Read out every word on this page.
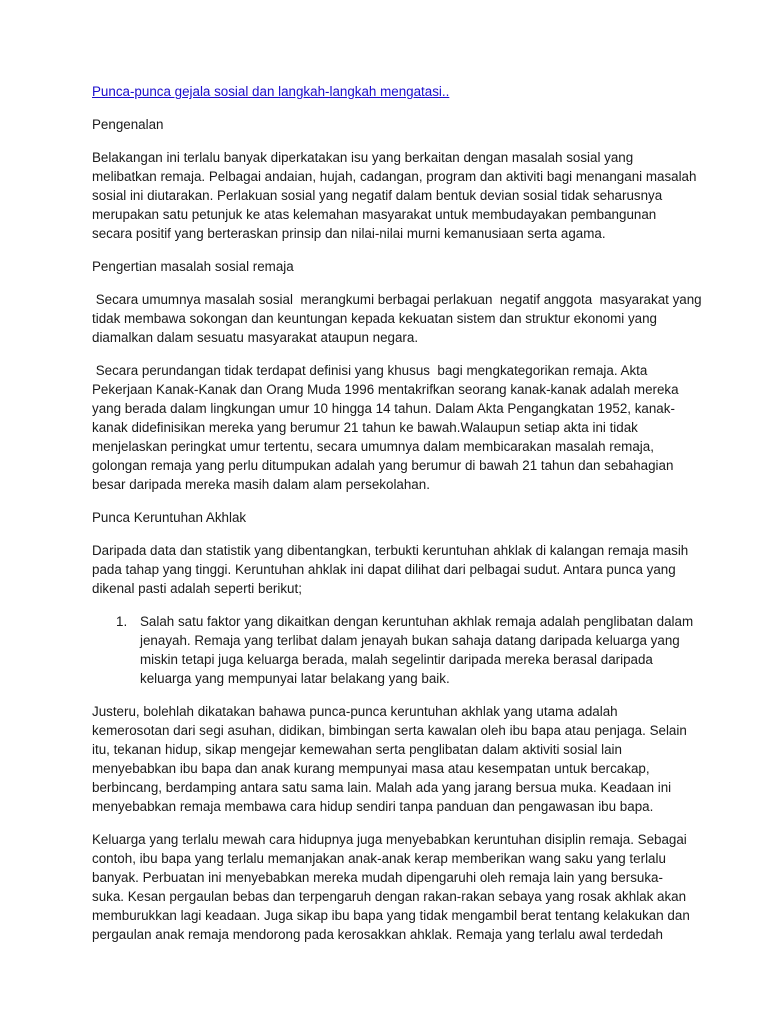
Punca-punca gejala sosial dan langkah-langkah mengatasi..
Pengenalan
Belakangan ini terlalu banyak diperkatakan isu yang berkaitan dengan masalah sosial yang
melibatkan remaja. Pelbagai andaian, hujah, cadangan, program dan aktiviti bagi menangani masalah
sosial ini diutarakan. Perlakuan sosial yang negatif dalam bentuk devian sosial tidak seharusnya
merupakan satu petunjuk ke atas kelemahan masyarakat untuk membudayakan pembangunan
secara positif yang berteraskan prinsip dan nilai-nilai murni kemanusiaan serta agama.
Pengertian masalah sosial remaja
Secara umumnya masalah sosial  merangkumi berbagai perlakuan  negatif anggota  masyarakat yang
tidak membawa sokongan dan keuntungan kepada kekuatan sistem dan struktur ekonomi yang
diamalkan dalam sesuatu masyarakat ataupun negara.
Secara perundangan tidak terdapat definisi yang khusus  bagi mengkategorikan remaja. Akta
Pekerjaan Kanak-Kanak dan Orang Muda 1996 mentakrifkan seorang kanak-kanak adalah mereka
yang berada dalam lingkungan umur 10 hingga 14 tahun. Dalam Akta Pengangkatan 1952, kanak-
kanak didefinisikan mereka yang berumur 21 tahun ke bawah.Walaupun setiap akta ini tidak
menjelaskan peringkat umur tertentu, secara umumnya dalam membicarakan masalah remaja,
golongan remaja yang perlu ditumpukan adalah yang berumur di bawah 21 tahun dan sebahagian
besar daripada mereka masih dalam alam persekolahan.
Punca Keruntuhan Akhlak
Daripada data dan statistik yang dibentangkan, terbukti keruntuhan ahklak di kalangan remaja masih
pada tahap yang tinggi. Keruntuhan ahklak ini dapat dilihat dari pelbagai sudut. Antara punca yang
dikenal pasti adalah seperti berikut;
1. Salah satu faktor yang dikaitkan dengan keruntuhan akhlak remaja adalah penglibatan dalam
jenayah. Remaja yang terlibat dalam jenayah bukan sahaja datang daripada keluarga yang
miskin tetapi juga keluarga berada, malah segelintir daripada mereka berasal daripada
keluarga yang mempunyai latar belakang yang baik.
Justeru, bolehlah dikatakan bahawa punca-punca keruntuhan akhlak yang utama adalah
kemerosotan dari segi asuhan, didikan, bimbingan serta kawalan oleh ibu bapa atau penjaga. Selain
itu, tekanan hidup, sikap mengejar kemewahan serta penglibatan dalam aktiviti sosial lain
menyebabkan ibu bapa dan anak kurang mempunyai masa atau kesempatan untuk bercakap,
berbincang, berdamping antara satu sama lain. Malah ada yang jarang bersua muka. Keadaan ini
menyebabkan remaja membawa cara hidup sendiri tanpa panduan dan pengawasan ibu bapa.
Keluarga yang terlalu mewah cara hidupnya juga menyebabkan keruntuhan disiplin remaja. Sebagai
contoh, ibu bapa yang terlalu memanjakan anak-anak kerap memberikan wang saku yang terlalu
banyak. Perbuatan ini menyebabkan mereka mudah dipengaruhi oleh remaja lain yang bersuka-
suka. Kesan pergaulan bebas dan terpengaruh dengan rakan-rakan sebaya yang rosak akhlak akan
memburukkan lagi keadaan. Juga sikap ibu bapa yang tidak mengambil berat tentang kelakukan dan
pergaulan anak remaja mendorong pada kerosakkan ahklak. Remaja yang terlalu awal terdedah
